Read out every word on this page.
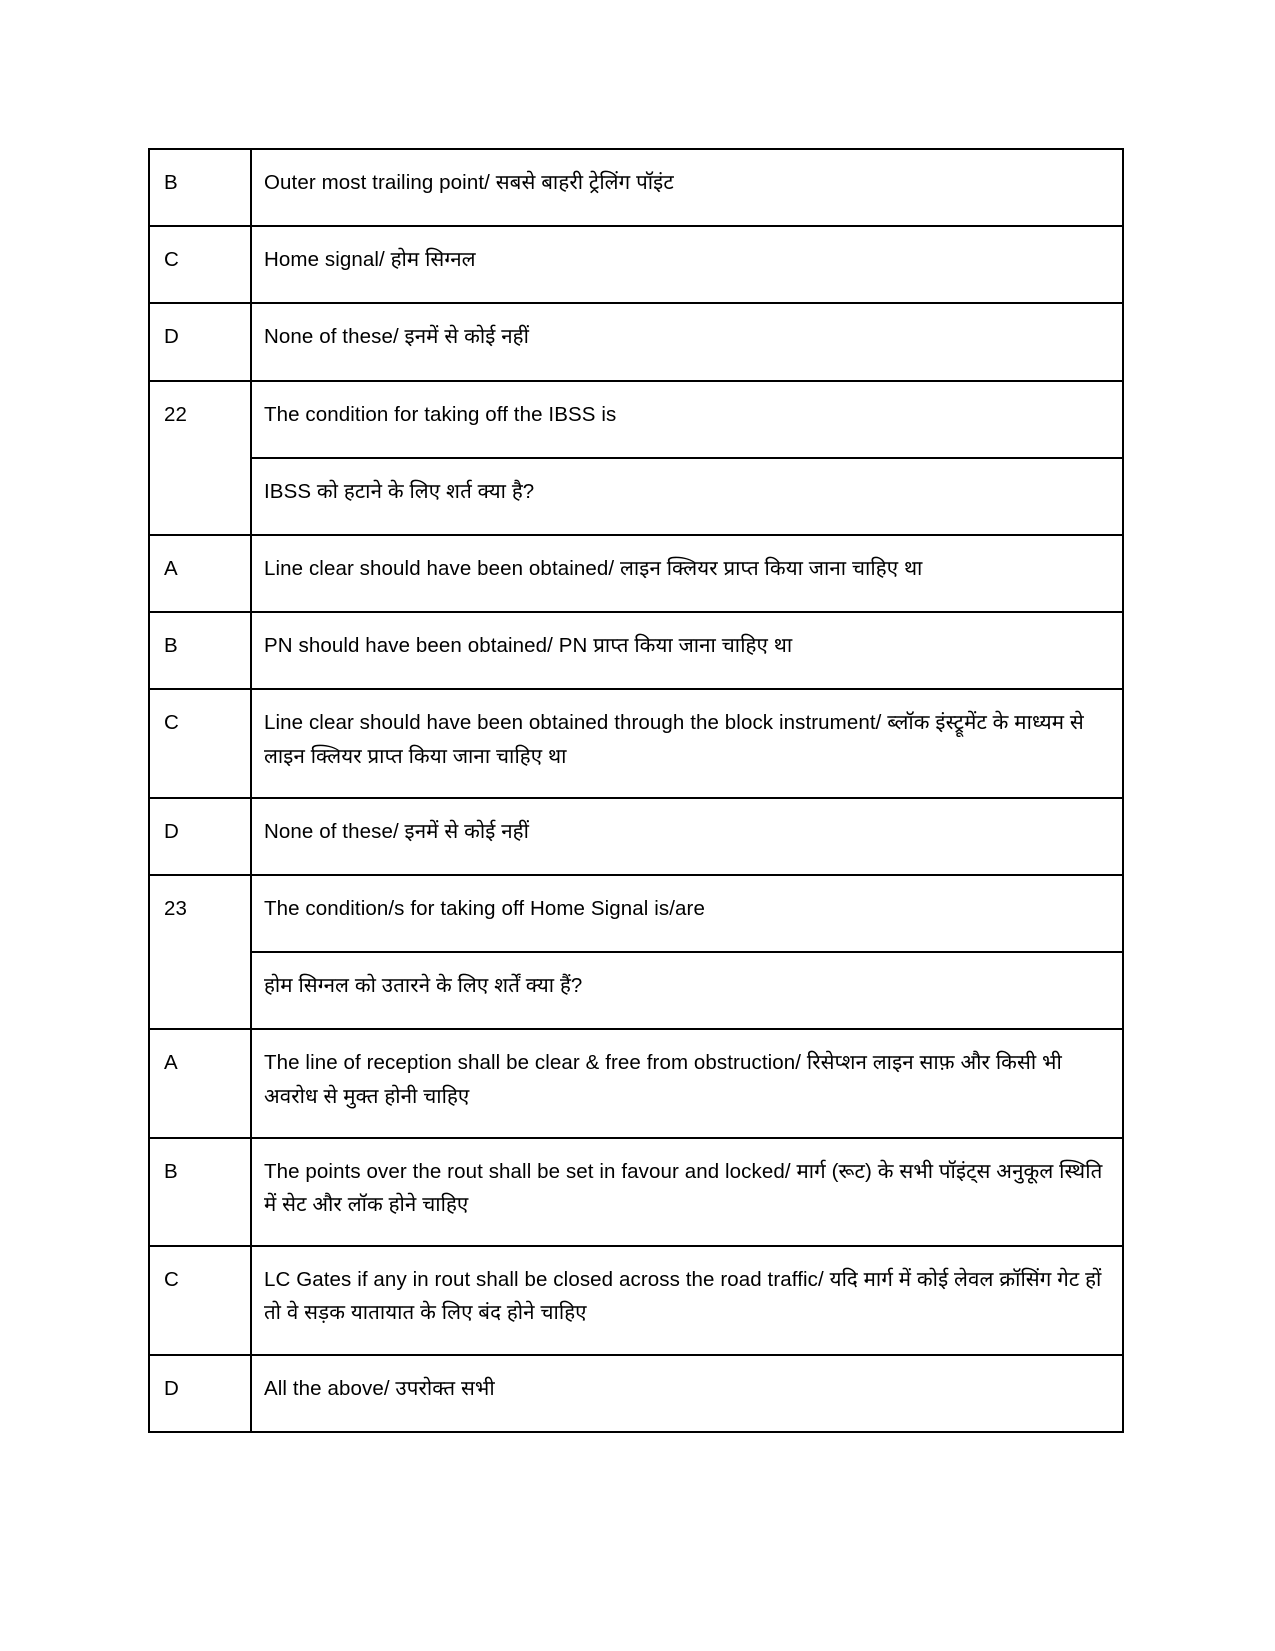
B	Outer most trailing point/ सबसे बाहरी ट्रेलिंग पॉइंट
C	Home signal/ होम सिग्नल
D	None of these/ इनमें से कोई नहीं
22	The condition for taking off the IBSS is
	IBSS को हटाने के लिए शर्त क्या है?
A	Line clear should have been obtained/ लाइन क्लियर प्राप्त किया जाना चाहिए था
B	PN should have been obtained/ PN प्राप्त किया जाना चाहिए था
C	Line clear should have been obtained through the block instrument/ ब्लॉक इंस्ट्रूमेंट के माध्यम से लाइन क्लियर प्राप्त किया जाना चाहिए था
D	None of these/ इनमें से कोई नहीं
23	The condition/s for taking off Home Signal is/are
	होम सिग्नल को उतारने के लिए शर्तें क्या हैं?
A	The line of reception shall be clear & free from obstruction/ रिसेप्शन लाइन साफ़ और किसी भी अवरोध से मुक्त होनी चाहिए
B	The points over the rout shall be set in favour and locked/ मार्ग (रूट) के सभी पॉइंट्स अनुकूल स्थिति में सेट और लॉक होने चाहिए
C	LC Gates if any in rout shall be closed across the road traffic/ यदि मार्ग में कोई लेवल क्रॉसिंग गेट हों तो वे सड़क यातायात के लिए बंद होने चाहिए
D	All the above/ उपरोक्त सभी
